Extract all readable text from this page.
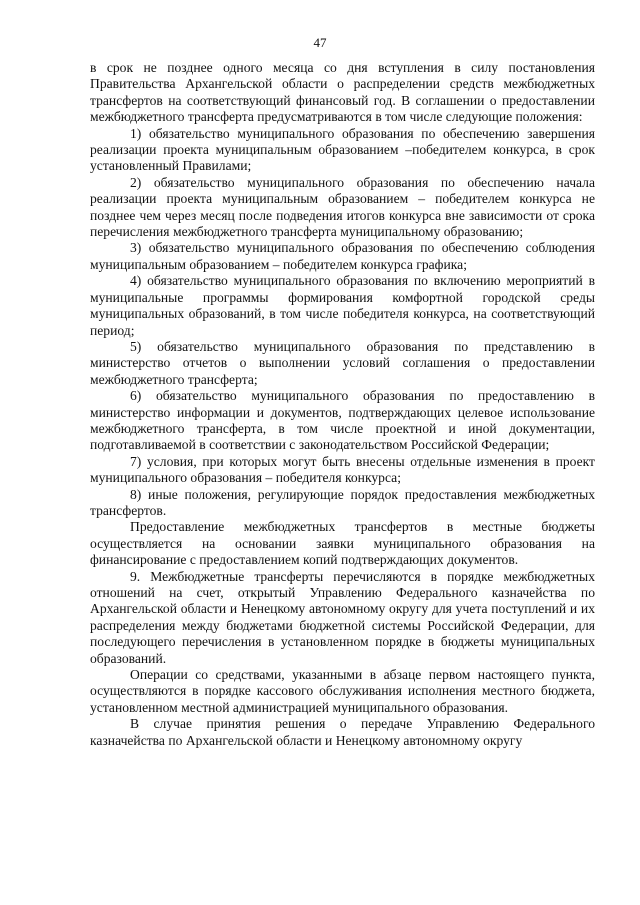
47

в срок не позднее одного месяца со дня вступления в силу постановления Правительства Архангельской области о распределении средств межбюджетных трансфертов на соответствующий финансовый год. В соглашении о предоставлении межбюджетного трансферта предусматриваются в том числе следующие положения:

1) обязательство муниципального образования по обеспечению завершения реализации проекта муниципальным образованием –победителем конкурса, в срок установленный Правилами;

2) обязательство муниципального образования по обеспечению начала реализации проекта муниципальным образованием – победителем конкурса не позднее чем через месяц после подведения итогов конкурса вне зависимости от срока перечисления межбюджетного трансферта муниципальному образованию;

3) обязательство муниципального образования по обеспечению соблюдения муниципальным образованием – победителем конкурса графика;

4) обязательство муниципального образования по включению мероприятий в муниципальные программы формирования комфортной городской среды муниципальных образований, в том числе победителя конкурса, на соответствующий период;

5) обязательство муниципального образования по представлению в министерство отчетов о выполнении условий соглашения о предоставлении межбюджетного трансферта;

6) обязательство муниципального образования по предоставлению в министерство информации и документов, подтверждающих целевое использование межбюджетного трансферта, в том числе проектной и иной документации, подготавливаемой в соответствии с законодательством Российской Федерации;

7) условия, при которых могут быть внесены отдельные изменения в проект муниципального образования – победителя конкурса;

8) иные положения, регулирующие порядок предоставления межбюджетных трансфертов.

Предоставление межбюджетных трансфертов в местные бюджеты осуществляется на основании заявки муниципального образования на финансирование с предоставлением копий подтверждающих документов.

9. Межбюджетные трансферты перечисляются в порядке межбюджетных отношений на счет, открытый Управлению Федерального казначейства по Архангельской области и Ненецкому автономному округу для учета поступлений и их распределения между бюджетами бюджетной системы Российской Федерации, для последующего перечисления в установленном порядке в бюджеты муниципальных образований.

Операции со средствами, указанными в абзаце первом настоящего пункта, осуществляются в порядке кассового обслуживания исполнения местного бюджета, установленном местной администрацией муниципального образования.

В случае принятия решения о передаче Управлению Федерального казначейства по Архангельской области и Ненецкому автономному округу
